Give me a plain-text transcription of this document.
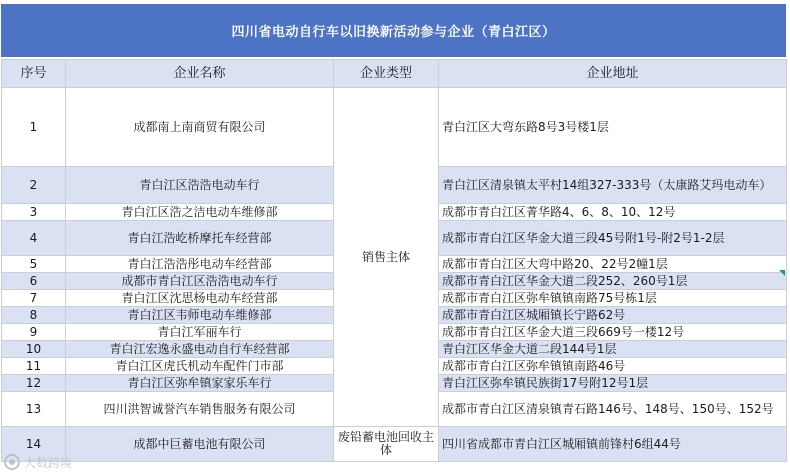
四川省电动自行车以旧换新活动参与企业（青白江区）
序号	企业名称	企业类型	企业地址
1	成都南上南商贸有限公司	销售主体	青白江区大弯东路8号3号楼1层
2	青白江区浩浩电动车行		青白江区清泉镇太平村14组327-333号（太康路艾玛电动车）
3	青白江区浩之洁电动车维修部		成都市青白江区菁华路4、6、8、10、12号
4	青白江浩屹桥摩托车经营部		成都市青白江区华金大道三段45号附1号-附2号1-2层
5	青白江浩浩彤电动车经营部		成都市青白江区大弯中路20、22号2幢1层
6	成都市青白江区浩浩电动车行		成都市青白江区华金大道二段252、260号1层
7	青白江区沈思杨电动车经营部		成都市青白江区弥牟镇镇南路75号栋1层
8	青白江区韦师电动车维修部		成都市青白江区城厢镇长宁路62号
9	青白江军丽车行		成都市青白江区华金大道三段669号一楼12号
10	青白江宏逸永盛电动自行车经营部		青白江区华金大道二段144号1层
11	青白江区虎氏机动车配件门市部		成都市青白江区弥牟镇镇南路46号
12	青白江区弥牟镇家家乐车行		青白江区弥牟镇民族街17号附12号1层
13	四川洪智诚誉汽车销售服务有限公司		成都市青白江区清泉镇青石路146号、148号、150号、152号
14	成都中巨蓄电池有限公司	废铅蓄电池回收主体	四川省成都市青白江区城厢镇前锋村6组44号
大数跨境
